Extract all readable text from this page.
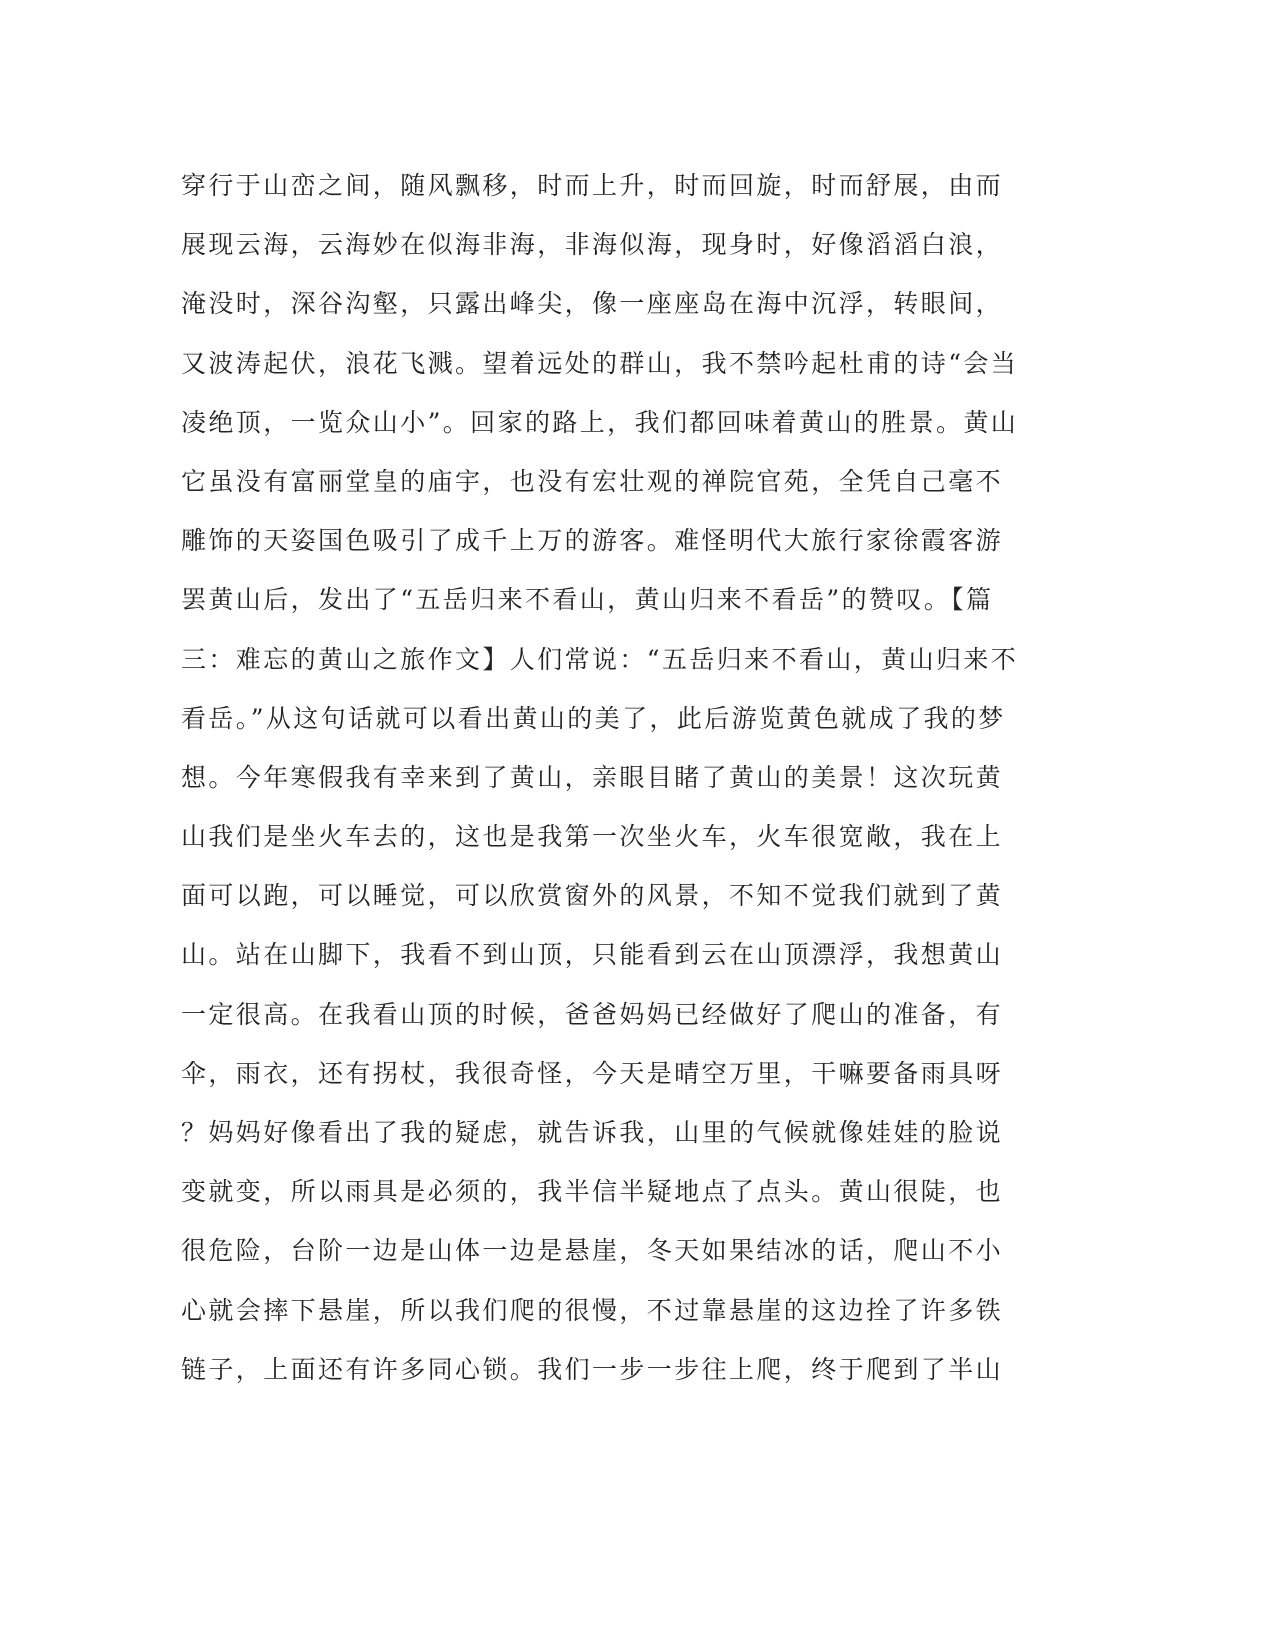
穿行于山峦之间，随风飘移，时而上升，时而回旋，时而舒展，由而
展现云海，云海妙在似海非海，非海似海，现身时，好像滔滔白浪，
淹没时，深谷沟壑，只露出峰尖，像一座座岛在海中沉浮，转眼间，
又波涛起伏，浪花飞溅。望着远处的群山，我不禁吟起杜甫的诗“会当
凌绝顶，一览众山小”。回家的路上，我们都回味着黄山的胜景。黄山
它虽没有富丽堂皇的庙宇，也没有宏壮观的禅院官苑，全凭自己毫不
雕饰的天姿国色吸引了成千上万的游客。难怪明代大旅行家徐霞客游
罢黄山后，发出了“五岳归来不看山，黄山归来不看岳”的赞叹。【篇
三：难忘的黄山之旅作文】人们常说：“五岳归来不看山，黄山归来不
看岳。”从这句话就可以看出黄山的美了，此后游览黄色就成了我的梦
想。今年寒假我有幸来到了黄山，亲眼目睹了黄山的美景！这次玩黄
山我们是坐火车去的，这也是我第一次坐火车，火车很宽敞，我在上
面可以跑，可以睡觉，可以欣赏窗外的风景，不知不觉我们就到了黄
山。站在山脚下，我看不到山顶，只能看到云在山顶漂浮，我想黄山
一定很高。在我看山顶的时候，爸爸妈妈已经做好了爬山的准备，有
伞，雨衣，还有拐杖，我很奇怪，今天是晴空万里，干嘛要备雨具呀
？妈妈好像看出了我的疑虑，就告诉我，山里的气候就像娃娃的脸说
变就变，所以雨具是必须的，我半信半疑地点了点头。黄山很陡，也
很危险，台阶一边是山体一边是悬崖，冬天如果结冰的话，爬山不小
心就会摔下悬崖，所以我们爬的很慢，不过靠悬崖的这边拴了许多铁
链子，上面还有许多同心锁。我们一步一步往上爬，终于爬到了半山
